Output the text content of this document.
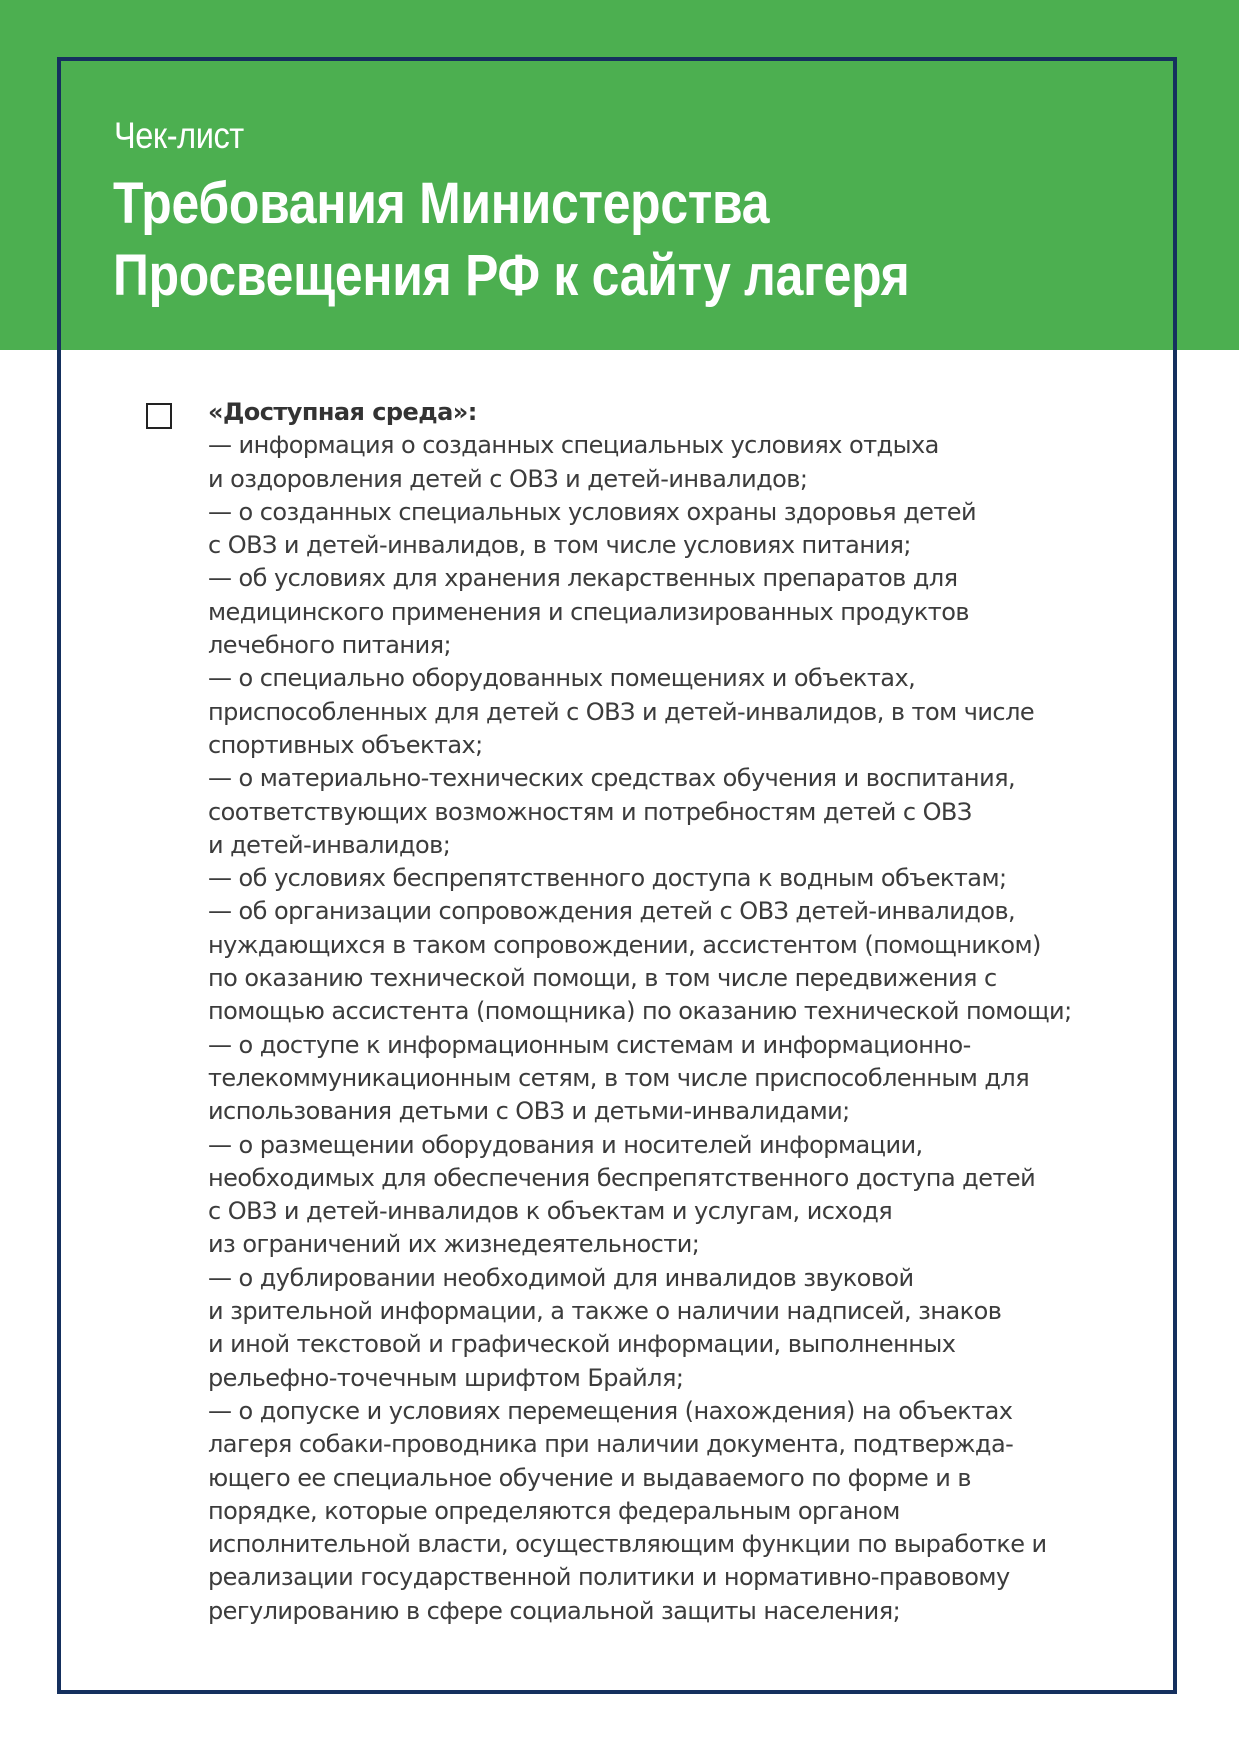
Чек-лист

Требования Министерства
Просвещения РФ к сайту лагеря
«Доступная среда»:
— информация о созданных специальных условиях отдыха
и оздоровления детей с ОВЗ и детей-инвалидов;
— о созданных специальных условиях охраны здоровья детей
с ОВЗ и детей-инвалидов, в том числе условиях питания;
— об условиях для хранения лекарственных препаратов для
медицинского применения и специализированных продуктов
лечебного питания;
— о специально оборудованных помещениях и объектах,
приспособленных для детей с ОВЗ и детей-инвалидов, в том числе
спортивных объектах;
— о материально-технических средствах обучения и воспитания,
соответствующих возможностям и потребностям детей с ОВЗ
и детей-инвалидов;
— об условиях беспрепятственного доступа к водным объектам;
— об организации сопровождения детей с ОВЗ детей-инвалидов,
нуждающихся в таком сопровождении, ассистентом (помощником)
по оказанию технической помощи, в том числе передвижения с
помощью ассистента (помощника) по оказанию технической помощи;
— о доступе к информационным системам и информационно-
телекоммуникационным сетям, в том числе приспособленным для
использования детьми с ОВЗ и детьми-инвалидами;
— о размещении оборудования и носителей информации,
необходимых для обеспечения беспрепятственного доступа детей
с ОВЗ и детей-инвалидов к объектам и услугам, исходя
из ограничений их жизнедеятельности;
— о дублировании необходимой для инвалидов звуковой
и зрительной информации, а также о наличии надписей, знаков
и иной текстовой и графической информации, выполненных
рельефно-точечным шрифтом Брайля;
— о допуске и условиях перемещения (нахождения) на объектах
лагеря собаки-проводника при наличии документа, подтвержда-
ющего ее специальное обучение и выдаваемого по форме и в
порядке, которые определяются федеральным органом
исполнительной власти, осуществляющим функции по выработке и
реализации государственной политики и нормативно-правовому
регулированию в сфере социальной защиты населения;
